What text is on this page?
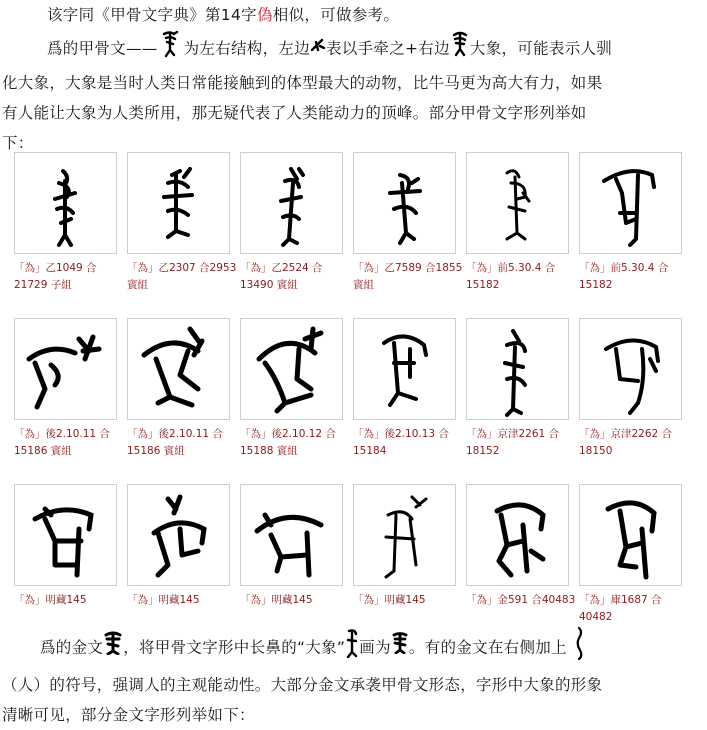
该字同《甲骨文字典》第14字偽相似，可做参考。
爲的甲骨文—— 为左右结构，左边 表以手牵之+右边 大象，可能表示人驯
化大象，大象是当时人类日常能接触到的体型最大的动物，比牛马更为高大有力，如果
有人能让大象为人类所用，那无疑代表了人类能动力的顶峰。部分甲骨文字形列举如
下：
「為」乙1049 合
21729 子組
「為」乙2307 合2953
賓組
「為」乙2524 合
13490 賓組
「為」乙7589 合1855
賓組
「為」前5.30.4 合
15182
「為」前5.30.4 合
15182
「為」後2.10.11 合
15186 賓組
「為」後2.10.11 合
15186 賓組
「為」後2.10.12 合
15188 賓組
「為」後2.10.13 合
15184
「為」京津2261 合
18152
「為」京津2262 合
18150
「為」明藏145	「為」明藏145	「為」明藏145	「為」明藏145	「為」金591 合40483 「為」庫1687 合
40482
爲的金文 ，将甲骨文字形中长鼻的“大象” 画为 。有的金文在右侧加上
（人）的符号，强调人的主观能动性。大部分金文承袭甲骨文形态，字形中大象的形象
清晰可见，部分金文字形列举如下：
